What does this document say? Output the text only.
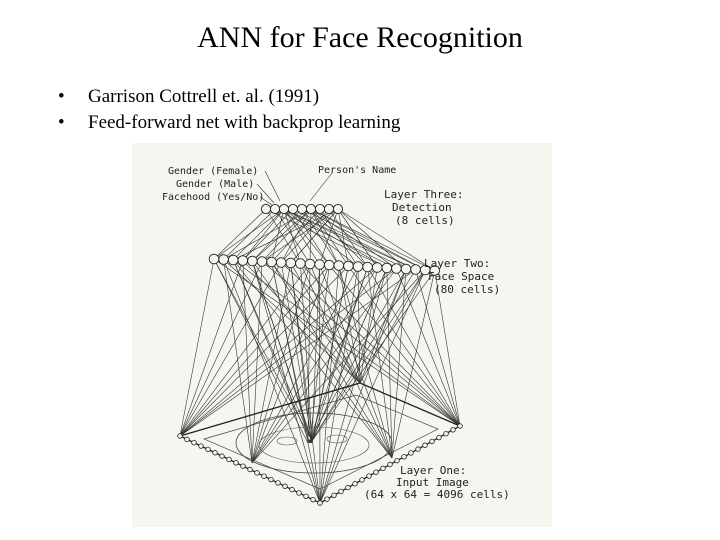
ANN for Face Recognition
• Garrison Cottrell et. al. (1991)
• Feed-forward net with backprop learning
Gender (Female)
Gender (Male)
Facehood (Yes/No)
Person's Name
Layer Three:
Detection
(8 cells)
Layer Two:
Face Space
(80 cells)
Layer One:
Input Image
(64 x 64 = 4096 cells)
